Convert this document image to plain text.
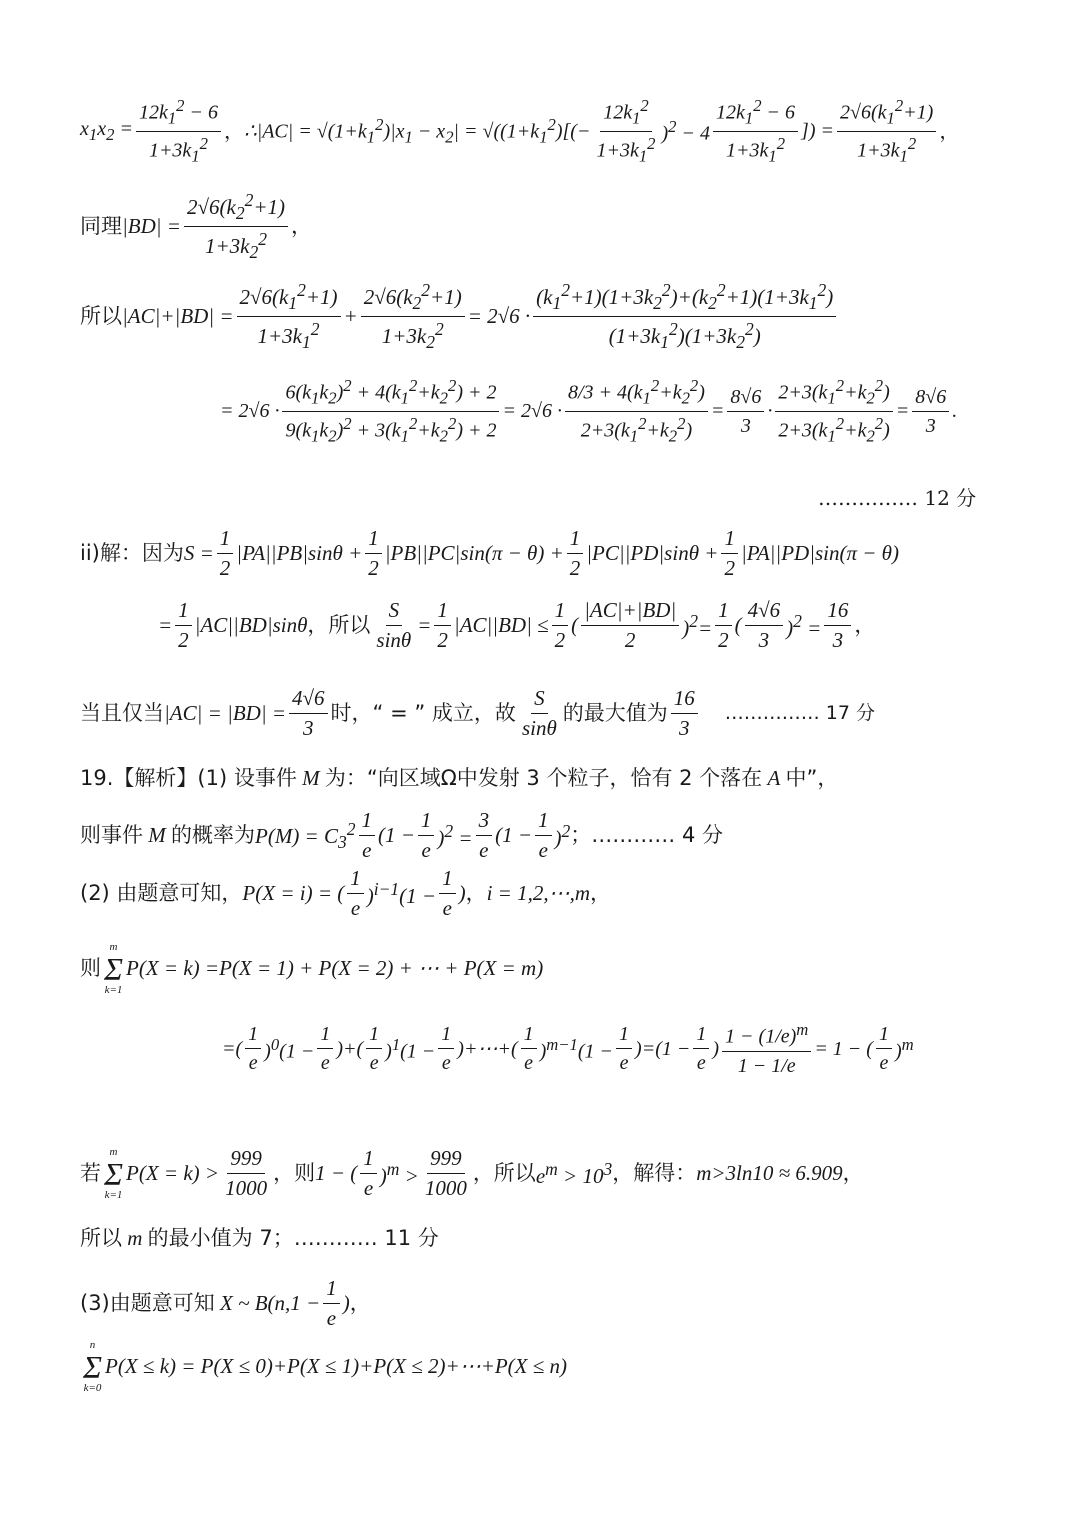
$x_1x_2 = \frac{12k_1^2 - 6}{1+3k_1^2}$ ， ∴|AC| = $√(1+k_1^2)|x_1 - x_2| = √((1+k_1^2)[(- \frac{12k_1^2}{1+3k_1^2} )^2 - 4 \frac{12k_1^2 - 6}{1+3k_1^2}$ ]) = $\frac{2√6(k_1^2+1)}{1+3k_1^2}$ ，
同理 $|BD| = \frac{2√6(k_2^2+1)}{1+3k_2^2}$ ，
所以 $|AC|+|BD| = \frac{2√6(k_1^2+1)}{1+3k_1^2} + \frac{2√6(k_2^2+1)}{1+3k_2^2} = 2√6 \cdot \frac{(k_1^2+1)(1+3k_2^2)+(k_2^2+1)(1+3k_1^2)}{(1+3k_1^2)(1+3k_2^2)}$
= $2√6 \cdot \frac{6(k_1k_2)^2 + 4(k_1^2+k_2^2) + 2}{9(k_1k_2)^2 + 3(k_1^2+k_2^2) + 2} = 2√6 \cdot \frac{8/3 + 4(k_1^2+k_2^2)}{2+3(k_1^2+k_2^2)} = \frac{8√6}{3} \cdot \frac{2+3(k_1^2+k_2^2)}{2+3(k_1^2+k_2^2)} = \frac{8√6}{3}$ .
…………… 12 分
ii)解：因为 $S = \frac{1}{2} |PA||PB|\sin\theta + \frac{1}{2} |PB||PC|\sin(\pi - \theta) + \frac{1}{2} |PC||PD|\sin\theta + \frac{1}{2} |PA||PD|\sin(\pi - \theta)$
= $\frac{1}{2} |AC||BD|\sin\theta$ ，所以 $\frac{S}{\sin\theta} = \frac{1}{2} |AC||BD| \le \frac{1}{2}$ ( $\frac{|AC|+|BD|}{2} )^2= \frac{1}{2}$ ( $\frac{4√6}{3} )^2 = \frac{16}{3}$ ，
当且仅当 $|AC| = |BD| = \frac{4√6}{3}$ 时，“ = ” 成立，故 $\frac{S}{\sin\theta}$ 的最大值为 $\frac{16}{3}$ …………… 17 分
19.【解析】(1) 设事件 M 为：“向区域Ω中发射 3 个粒子，恰有 2 个落在 A 中”，
则事件 M 的概率为 $P(M) = C_3^2 \frac{1}{e} (1 - \frac{1}{e} )^2 = \frac{3}{e} (1 - \frac{1}{e} )^2$ ；………… 4 分
(2) 由题意可知， P(X = i) = ( $\frac{1}{e} )^{i-1}(1 - \frac{1}{e}$ ) ， i = 1,2,⋯,m ，
则
m
Σ
k=1
P(X = k) =P(X = 1) + P(X = 2) + ⋯ + P(X = m)
=( $\frac{1}{e} )^0(1 - \frac{1}{e}$ )+( $\frac{1}{e} )^1(1 - \frac{1}{e}$ )+⋯+( $\frac{1}{e} )^{m-1}(1 - \frac{1}{e} )=(1 - \frac{1}{e}$ ) $\frac{1 - (1/e)^m}{1 - 1/e} = 1$ − ( $\frac{1}{e} )^m$
若
m
Σ
k=1
$P(X = k) > \frac{999}{1000}$ ，则 1 − ( $\frac{1}{e} )^m > \frac{999}{1000}$ ，所以 $e^m > 10^3$ ，解得： m>3ln10 ≈ 6.909 ，
所以 m 的最小值为 7；………… 11 分
(3)由题意可知 X ~ $B(n,1 - \frac{1}{e}$ ) ，
n
Σ
k=0
P(X ≤ k) = P(X ≤ 0)+P(X ≤ 1)+P(X ≤ 2)+⋯+P(X ≤ n)
